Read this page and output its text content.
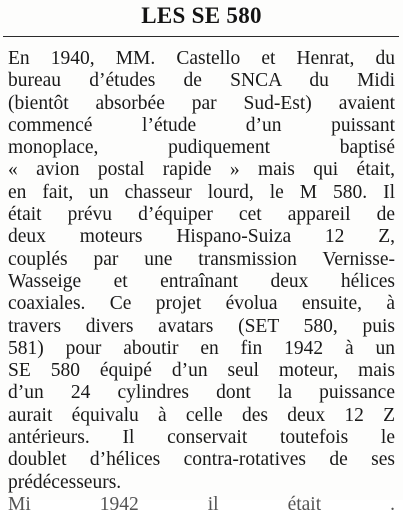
LES SE 580
En 1940, MM. Castello et Henrat, du
bureau d’études de SNCA du Midi
(bientôt absorbée par Sud-Est) avaient
commencé l’étude d’un puissant
monoplace, pudiquement baptisé
« avion postal rapide » mais qui était,
en fait, un chasseur lourd, le M 580. Il
était prévu d’équiper cet appareil de
deux moteurs Hispano-Suiza 12 Z,
couplés par une transmission Vernisse-
Wasseige et entraînant deux hélices
coaxiales. Ce projet évolua ensuite, à
travers divers avatars (SET 580, puis
581) pour aboutir en fin 1942 à un
SE 580 équipé d’un seul moteur, mais
d’un 24 cylindres dont la puissance
aurait équivalu à celle des deux 12 Z
antérieurs. Il conservait toutefois le
doublet d’hélices contra-rotatives de ses
prédécesseurs.
Mi 1942 il était .
